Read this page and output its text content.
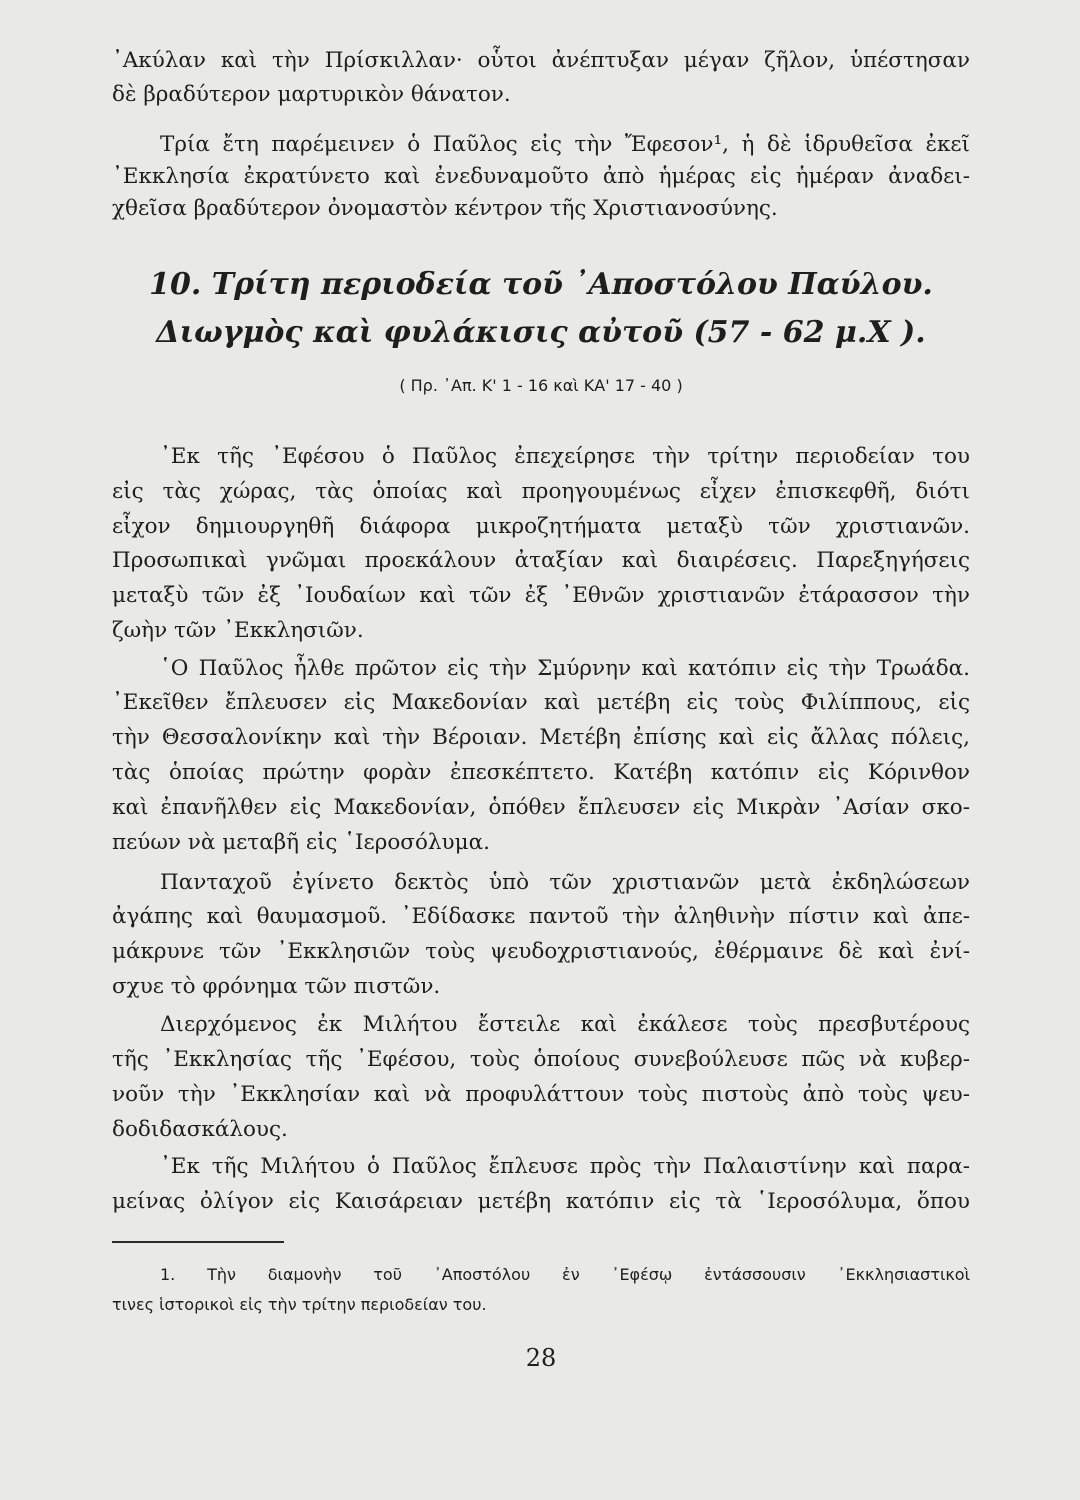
᾿Ακύλαν καὶ τὴν Πρίσκιλλαν· οὗτοι ἀνέπτυξαν μέγαν ζῆλον, ὑπέστησαν
δὲ βραδύτερον μαρτυρικὸν θάνατον.
Τρία ἔτη παρέμεινεν ὁ Παῦλος εἰς τὴν Ἔφεσον¹, ἡ δὲ ἱδρυθεῖσα ἐκεῖ
᾿Εκκλησία ἐκρατύνετο καὶ ἐνεδυναμοῦτο ἀπὸ ἡμέρας εἰς ἡμέραν ἀναδει-
χθεῖσα βραδύτερον ὀνομαστὸν κέντρον τῆς Χριστιανοσύνης.
10. Τρίτη περιοδεία τοῦ ᾿Αποστόλου Παύλου.
Διωγμὸς καὶ φυλάκισις αὐτοῦ (57 - 62 μ.Χ ).
( Πρ. ᾿Απ. Κ' 1 - 16 καὶ ΚΑ' 17 - 40 )
᾿Εκ τῆς ᾿Εφέσου ὁ Παῦλος ἐπεχείρησε τὴν τρίτην περιοδείαν του
εἰς τὰς χώρας, τὰς ὁποίας καὶ προηγουμένως εἶχεν ἐπισκεφθῆ, διότι
εἶχον δημιουργηθῆ διάφορα μικροζητήματα μεταξὺ τῶν χριστιανῶν.
Προσωπικαὶ γνῶμαι προεκάλουν ἀταξίαν καὶ διαιρέσεις. Παρεξηγήσεις
μεταξὺ τῶν ἐξ ᾿Ιουδαίων καὶ τῶν ἐξ ᾿Εθνῶν χριστιανῶν ἐτάρασσον τὴν
ζωὴν τῶν ᾿Εκκλησιῶν.
῾Ο Παῦλος ἦλθε πρῶτον εἰς τὴν Σμύρνην καὶ κατόπιν εἰς τὴν Τρωάδα.
᾿Εκεῖθεν ἔπλευσεν εἰς Μακεδονίαν καὶ μετέβη εἰς τοὺς Φιλίππους, εἰς
τὴν Θεσσαλονίκην καὶ τὴν Βέροιαν. Μετέβη ἐπίσης καὶ εἰς ἄλλας πόλεις,
τὰς ὁποίας πρώτην φορὰν ἐπεσκέπτετο. Κατέβη κατόπιν εἰς Κόρινθον
καὶ ἐπανῆλθεν εἰς Μακεδονίαν, ὁπόθεν ἔπλευσεν εἰς Μικρὰν ᾿Ασίαν σκο-
πεύων νὰ μεταβῆ εἰς ῾Ιεροσόλυμα.
Πανταχοῦ ἐγίνετο δεκτὸς ὑπὸ τῶν χριστιανῶν μετὰ ἐκδηλώσεων
ἀγάπης καὶ θαυμασμοῦ. ᾿Εδίδασκε παντοῦ τὴν ἀληθινὴν πίστιν καὶ ἀπε-
μάκρυνε τῶν ᾿Εκκλησιῶν τοὺς ψευδοχριστιανούς, ἐθέρμαινε δὲ καὶ ἐνί-
σχυε τὸ φρόνημα τῶν πιστῶν.
Διερχόμενος ἐκ Μιλήτου ἔστειλε καὶ ἐκάλεσε τοὺς πρεσβυτέρους
τῆς ᾿Εκκλησίας τῆς ᾿Εφέσου, τοὺς ὁποίους συνεβούλευσε πῶς νὰ κυβερ-
νοῦν τὴν ᾿Εκκλησίαν καὶ νὰ προφυλάττουν τοὺς πιστοὺς ἀπὸ τοὺς ψευ-
δοδιδασκάλους.
᾿Εκ τῆς Μιλήτου ὁ Παῦλος ἔπλευσε πρὸς τὴν Παλαιστίνην καὶ παρα-
μείνας ὀλίγον εἰς Καισάρειαν μετέβη κατόπιν εἰς τὰ ῾Ιεροσόλυμα, ὅπου
1. Τὴν διαμονὴν τοῦ ᾿Αποστόλου ἐν ᾿Εφέσῳ ἐντάσσουσιν ᾿Εκκλησιαστικοὶ
τινες ἱστορικοὶ εἰς τὴν τρίτην περιοδείαν του.
28
